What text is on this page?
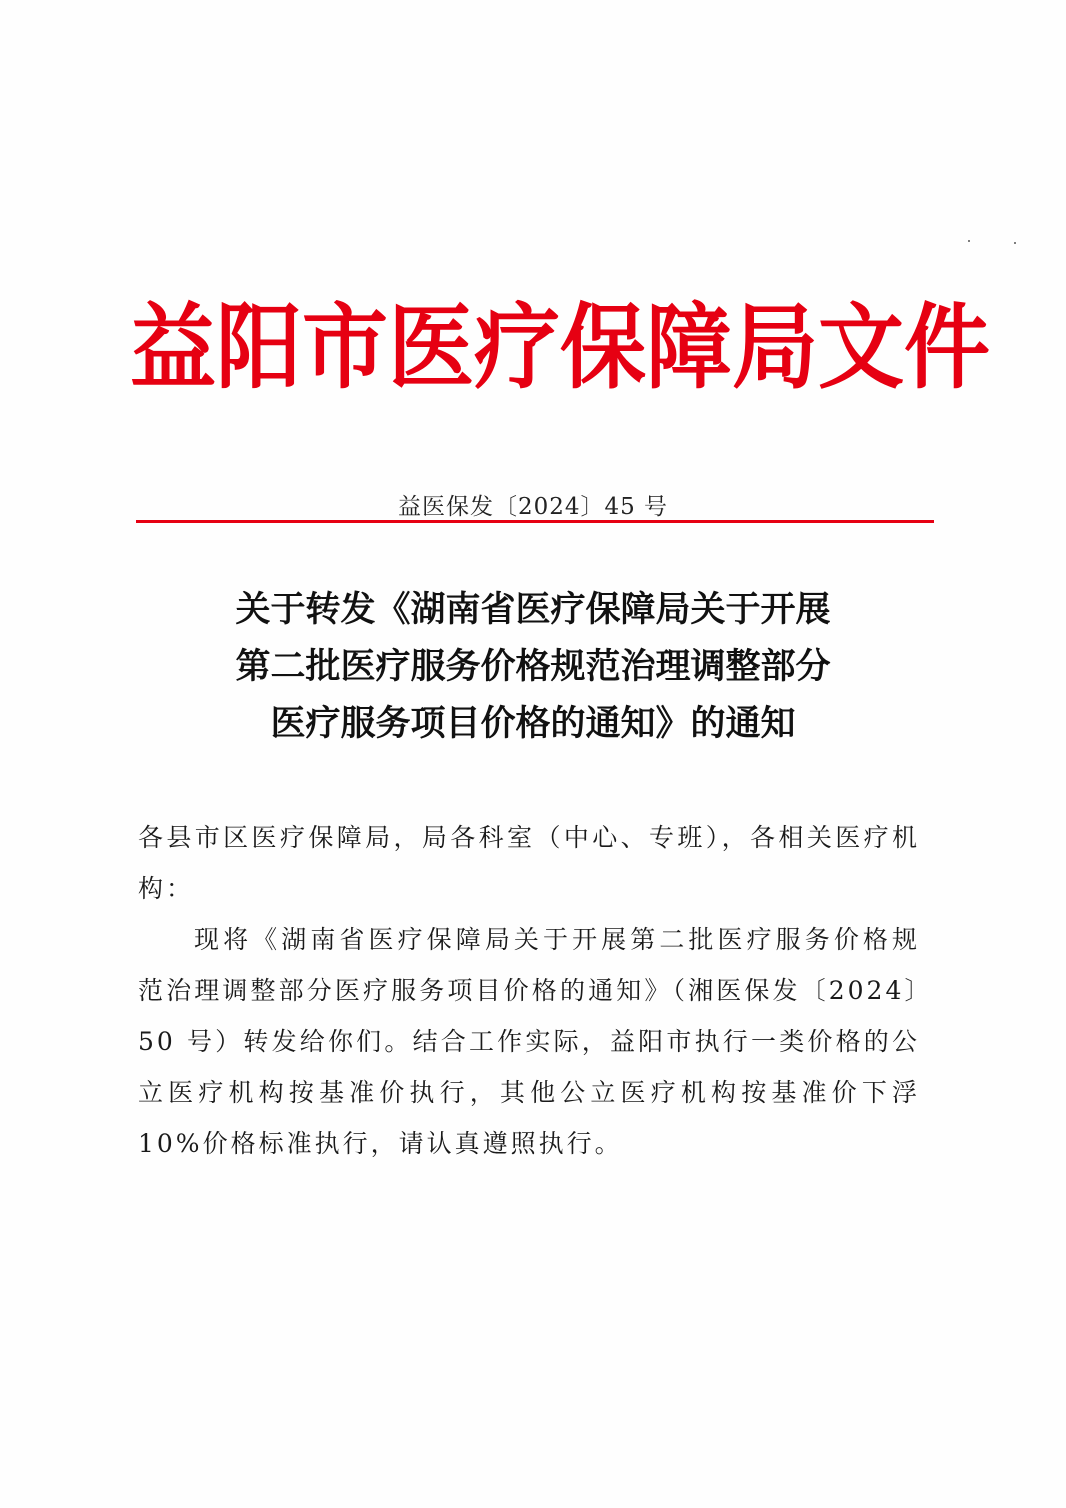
益 阳 市 医 疗 保 障 局 文 件
益医保发〔2024〕45 号
关于转发《湖南省医疗保障局关于开展
第二批医疗服务价格规范治理调整部分
医疗服务项目价格的通知》的通知

各县市区医疗保障局，局各科室（中心、专班），各相关医疗机构：

现将《湖南省医疗保障局关于开展第二批医疗服务价格规范治理调整部分医疗服务项目价格的通知》（湘医保发〔2024〕50 号）转发给你们。结合工作实际，益阳市执行一类价格的公立医疗机构按基准价执行，其他公立医疗机构按基准价下浮 10%价格标准执行，请认真遵照执行。
